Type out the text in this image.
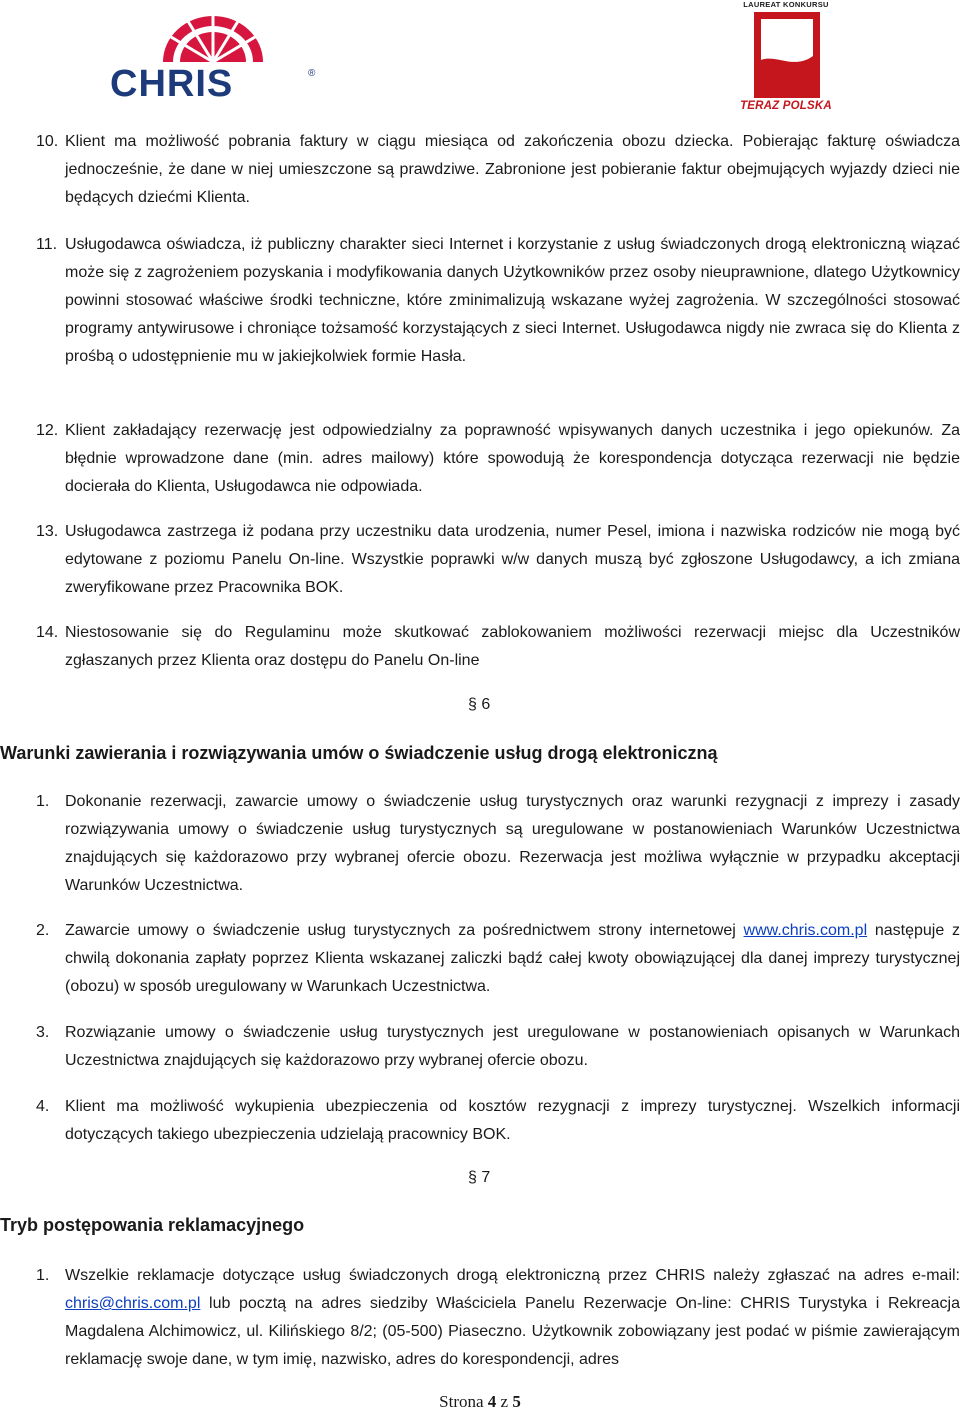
CHRIS	®
LAUREAT KONKURSU
TERAZ POLSKA
10. Klient ma możliwość pobrania faktury w ciągu miesiąca od zakończenia obozu dziecka. Pobierając fakturę oświadcza jednocześnie, że dane w niej umieszczone są prawdziwe. Zabronione jest pobieranie faktur obejmujących wyjazdy dzieci nie będących dziećmi Klienta.
11. Usługodawca oświadcza, iż publiczny charakter sieci Internet i korzystanie z usług świadczonych drogą elektroniczną wiązać może się z zagrożeniem pozyskania i modyfikowania danych Użytkowników przez osoby nieuprawnione, dlatego Użytkownicy powinni stosować właściwe środki techniczne, które zminimalizują wskazane wyżej zagrożenia. W szczególności stosować programy antywirusowe i chroniące tożsamość korzystających z sieci Internet. Usługodawca nigdy nie zwraca się do Klienta z prośbą o udostępnienie mu w jakiejkolwiek formie Hasła.
12. Klient zakładający rezerwację jest odpowiedzialny za poprawność wpisywanych danych uczestnika i jego opiekunów. Za błędnie wprowadzone dane (min. adres mailowy) które spowodują że korespondencja dotycząca rezerwacji nie będzie docierała do Klienta, Usługodawca nie odpowiada.
13. Usługodawca zastrzega iż podana przy uczestniku data urodzenia, numer Pesel, imiona i nazwiska rodziców nie mogą być edytowane z poziomu Panelu On-line. Wszystkie poprawki w/w danych muszą być zgłoszone Usługodawcy, a ich zmiana zweryfikowane przez Pracownika BOK.
14. Niestosowanie się do Regulaminu może skutkować zablokowaniem możliwości rezerwacji miejsc dla Uczestników zgłaszanych przez Klienta oraz dostępu do Panelu On-line
§ 6
Warunki zawierania i rozwiązywania umów o świadczenie usług drogą elektroniczną
1. Dokonanie rezerwacji, zawarcie umowy o świadczenie usług turystycznych oraz warunki rezygnacji z imprezy i zasady rozwiązywania umowy o świadczenie usług turystycznych są uregulowane w postanowieniach Warunków Uczestnictwa znajdujących się każdorazowo przy wybranej ofercie obozu. Rezerwacja jest możliwa wyłącznie w przypadku akceptacji Warunków Uczestnictwa.
2. Zawarcie umowy o świadczenie usług turystycznych za pośrednictwem strony internetowej www.chris.com.pl następuje z chwilą dokonania zapłaty poprzez Klienta wskazanej zaliczki bądź całej kwoty obowiązującej dla danej imprezy turystycznej (obozu) w sposób uregulowany w Warunkach Uczestnictwa.
3. Rozwiązanie umowy o świadczenie usług turystycznych jest uregulowane w postanowieniach opisanych w Warunkach Uczestnictwa znajdujących się każdorazowo przy wybranej ofercie obozu.
4. Klient ma możliwość wykupienia ubezpieczenia od kosztów rezygnacji z imprezy turystycznej. Wszelkich informacji dotyczących takiego ubezpieczenia udzielają pracownicy BOK.
§ 7
Tryb postępowania reklamacyjnego
1. Wszelkie reklamacje dotyczące usług świadczonych drogą elektroniczną przez CHRIS należy zgłaszać na adres e-mail: chris@chris.com.pl lub pocztą na adres siedziby Właściciela Panelu Rezerwacje On-line: CHRIS Turystyka i Rekreacja Magdalena Alchimowicz, ul. Kilińskiego 8/2; (05-500) Piaseczno. Użytkownik zobowiązany jest podać w piśmie zawierającym reklamację swoje dane, w tym imię, nazwisko, adres do korespondencji, adres
Strona 4 z 5
